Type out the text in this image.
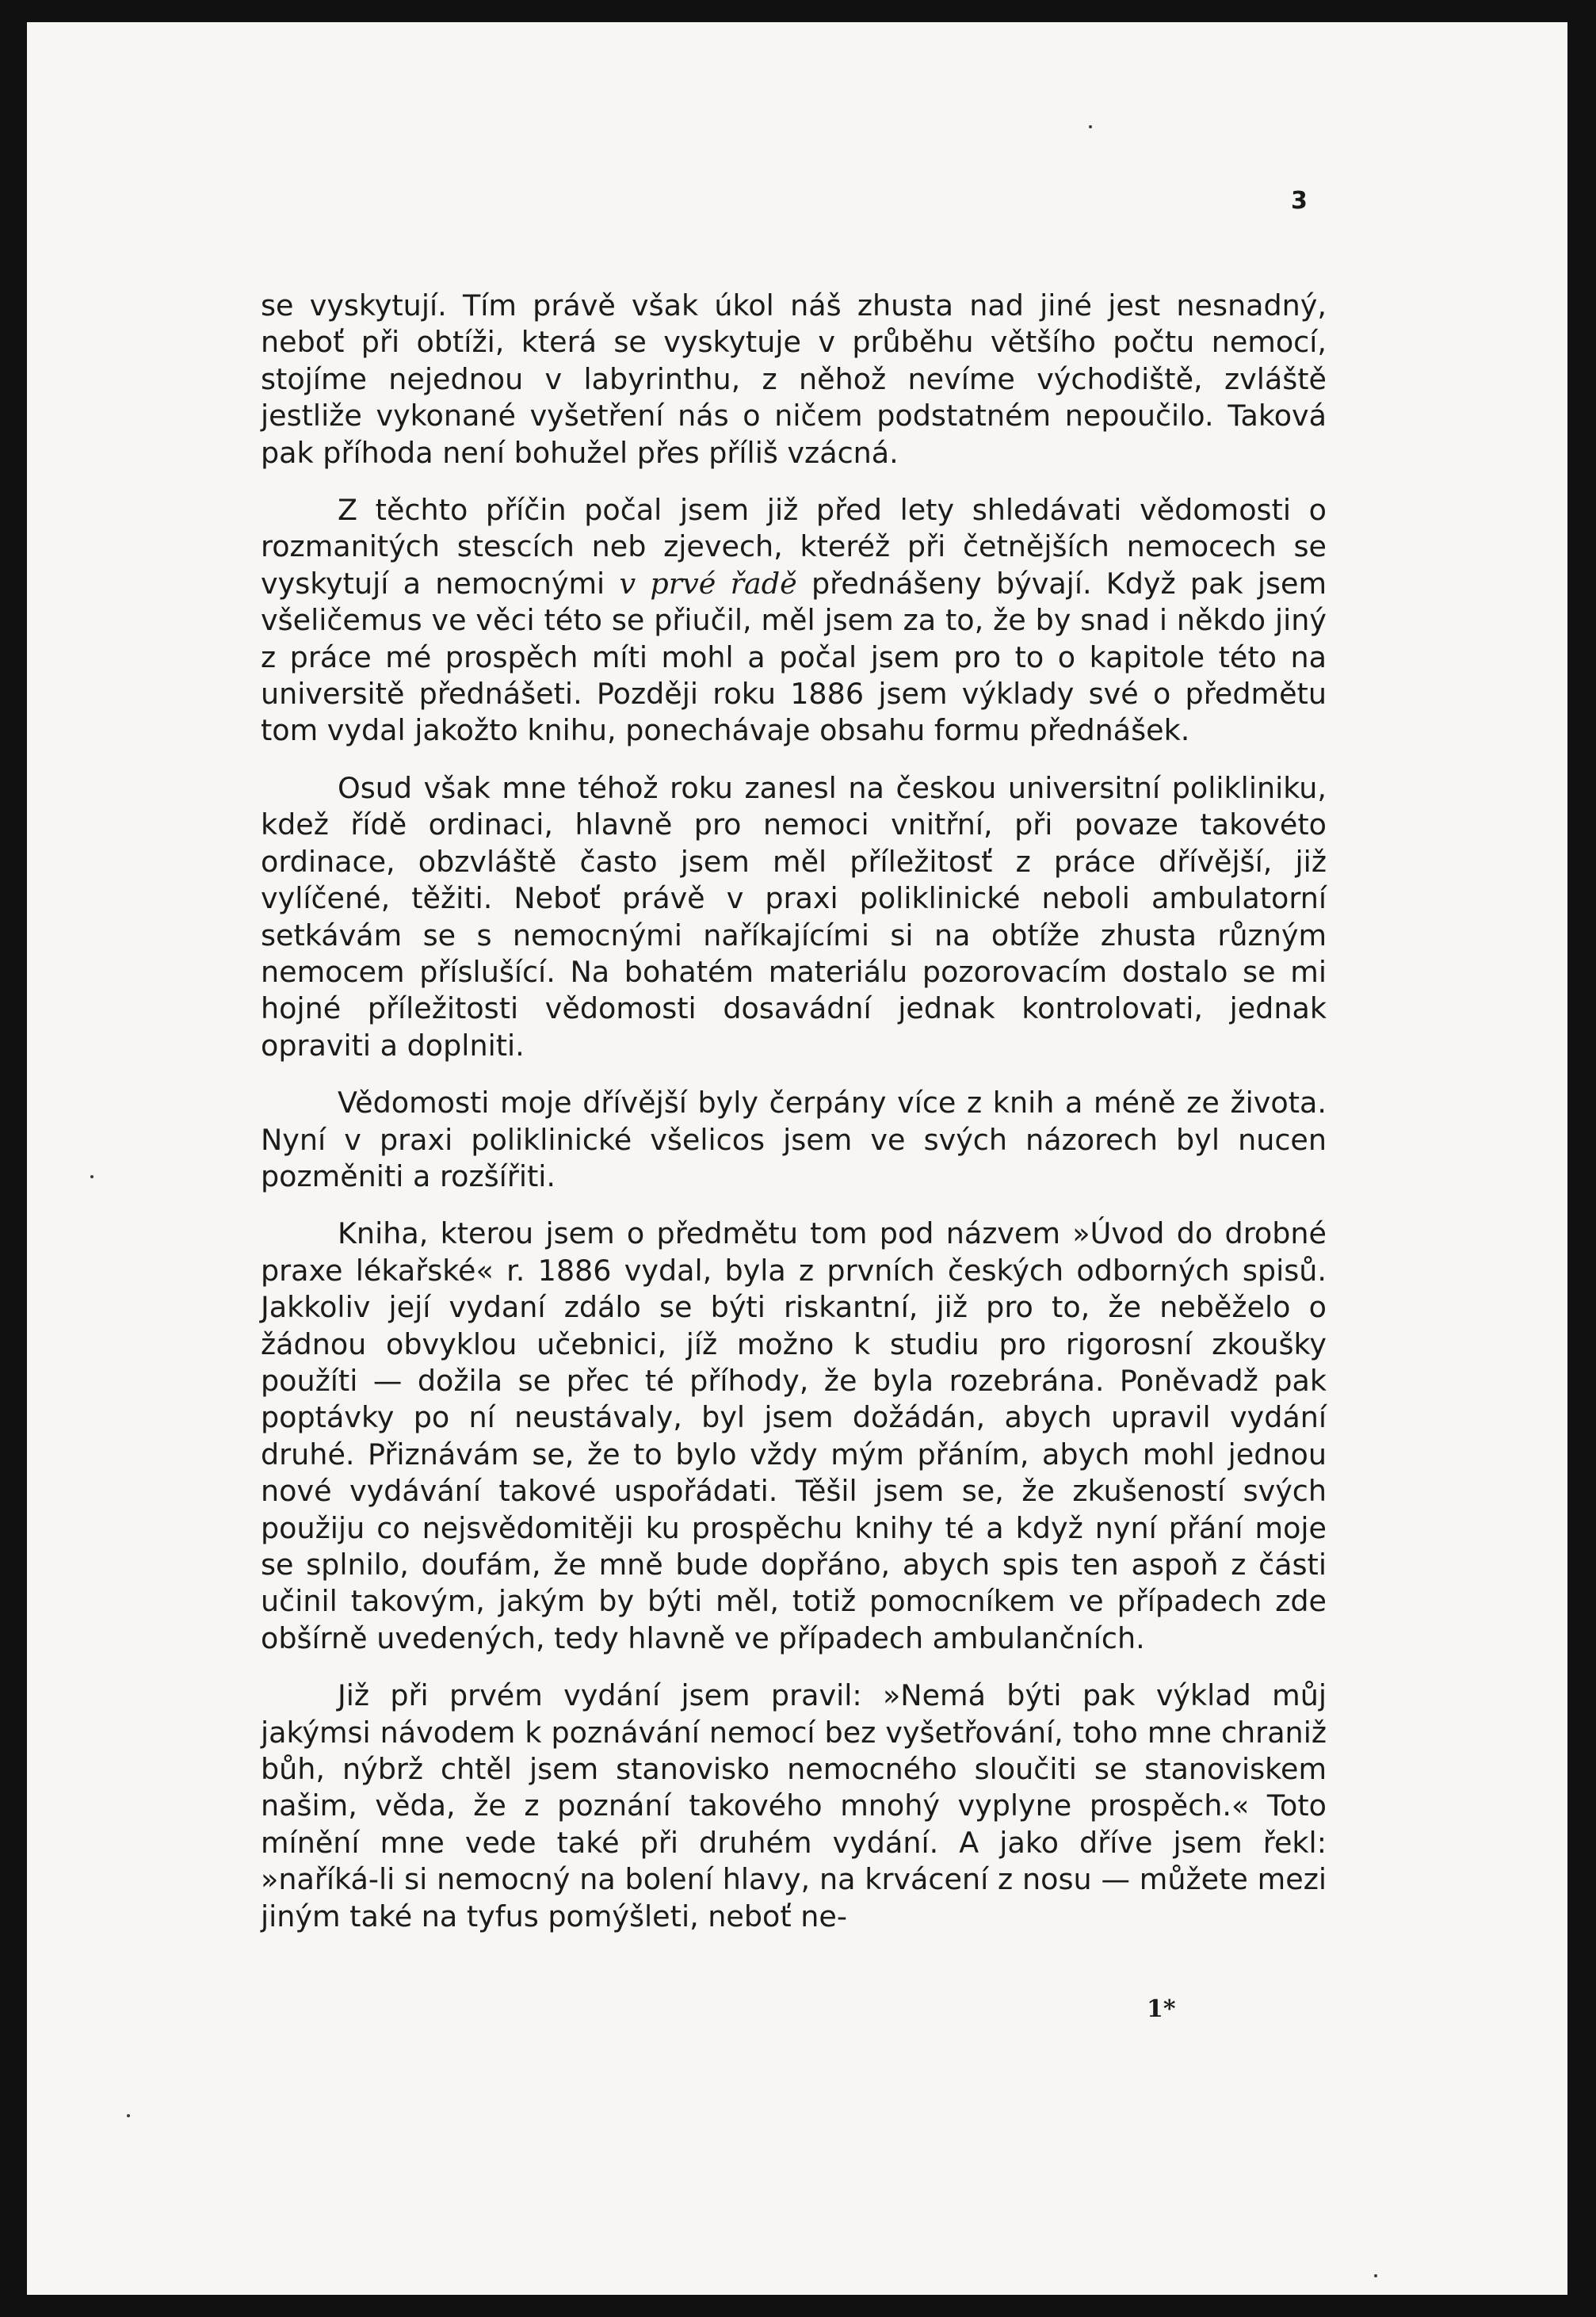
3

se vyskytují. Tím právě však úkol náš zhusta nad jiné jest nesnadný, neboť při obtíži, která se vyskytuje v průběhu většího počtu nemocí, stojíme nejednou v labyrinthu, z něhož nevíme východiště, zvláště jestliže vykonané vyšetření nás o ničem podstatném nepoučilo. Taková pak příhoda není bohužel přes příliš vzácná.

Z těchto příčin počal jsem již před lety shledávati vědomosti o rozmanitých stescích neb zjevech, kteréž při četnějších nemocech se vyskytují a nemocnými v prvé řadě přednášeny bývají. Když pak jsem všeličemus ve věci této se přiučil, měl jsem za to, že by snad i někdo jiný z práce mé prospěch míti mohl a počal jsem pro to o kapitole této na universitě přednášeti. Později roku 1886 jsem výklady své o předmětu tom vydal jakožto knihu, ponechávaje obsahu formu přednášek.

Osud však mne téhož roku zanesl na českou universitní polikliniku, kdež řídě ordinaci, hlavně pro nemoci vnitřní, při povaze takovéto ordinace, obzvláště často jsem měl příležitosť z práce dřívější, již vylíčené, těžiti. Neboť právě v praxi poliklinické neboli ambulatorní setkávám se s nemocnými naříkajícími si na obtíže zhusta různým nemocem příslušící. Na bohatém materiálu pozorovacím dostalo se mi hojné příležitosti vědomosti dosavádní jednak kontrolovati, jednak opraviti a doplniti.

Vědomosti moje dřívější byly čerpány více z knih a méně ze života. Nyní v praxi poliklinické všelicos jsem ve svých názorech byl nucen pozměniti a rozšířiti.

Kniha, kterou jsem o předmětu tom pod názvem »Úvod do drobné praxe lékařské« r. 1886 vydal, byla z prvních českých odborných spisů. Jakkoliv její vydaní zdálo se býti riskantní, již pro to, že neběželo o žádnou obvyklou učebnici, jíž možno k studiu pro rigorosní zkoušky použíti — dožila se přec té příhody, že byla rozebrána. Poněvadž pak poptávky po ní neustávaly, byl jsem dožádán, abych upravil vydání druhé. Přiznávám se, že to bylo vždy mým přáním, abych mohl jednou nové vydávání takové uspořádati. Těšil jsem se, že zkušeností svých použiju co nejsvědomitěji ku prospěchu knihy té a když nyní přání moje se splnilo, doufám, že mně bude dopřáno, abych spis ten aspoň z části učinil takovým, jakým by býti měl, totiž pomocníkem ve případech zde obšírně uvedených, tedy hlavně ve případech ambulančních.

Již při prvém vydání jsem pravil: »Nemá býti pak výklad můj jakýmsi návodem k poznávání nemocí bez vyšetřování, toho mne chraniž bůh, nýbrž chtěl jsem stanovisko nemocného sloučiti se stanoviskem našim, věda, že z poznání takového mnohý vyplyne prospěch.« Toto mínění mne vede také při druhém vydání. A jako dříve jsem řekl: »naříká-li si nemocný na bolení hlavy, na krvácení z nosu — můžete mezi jiným také na tyfus pomýšleti, neboť ne-

1*
